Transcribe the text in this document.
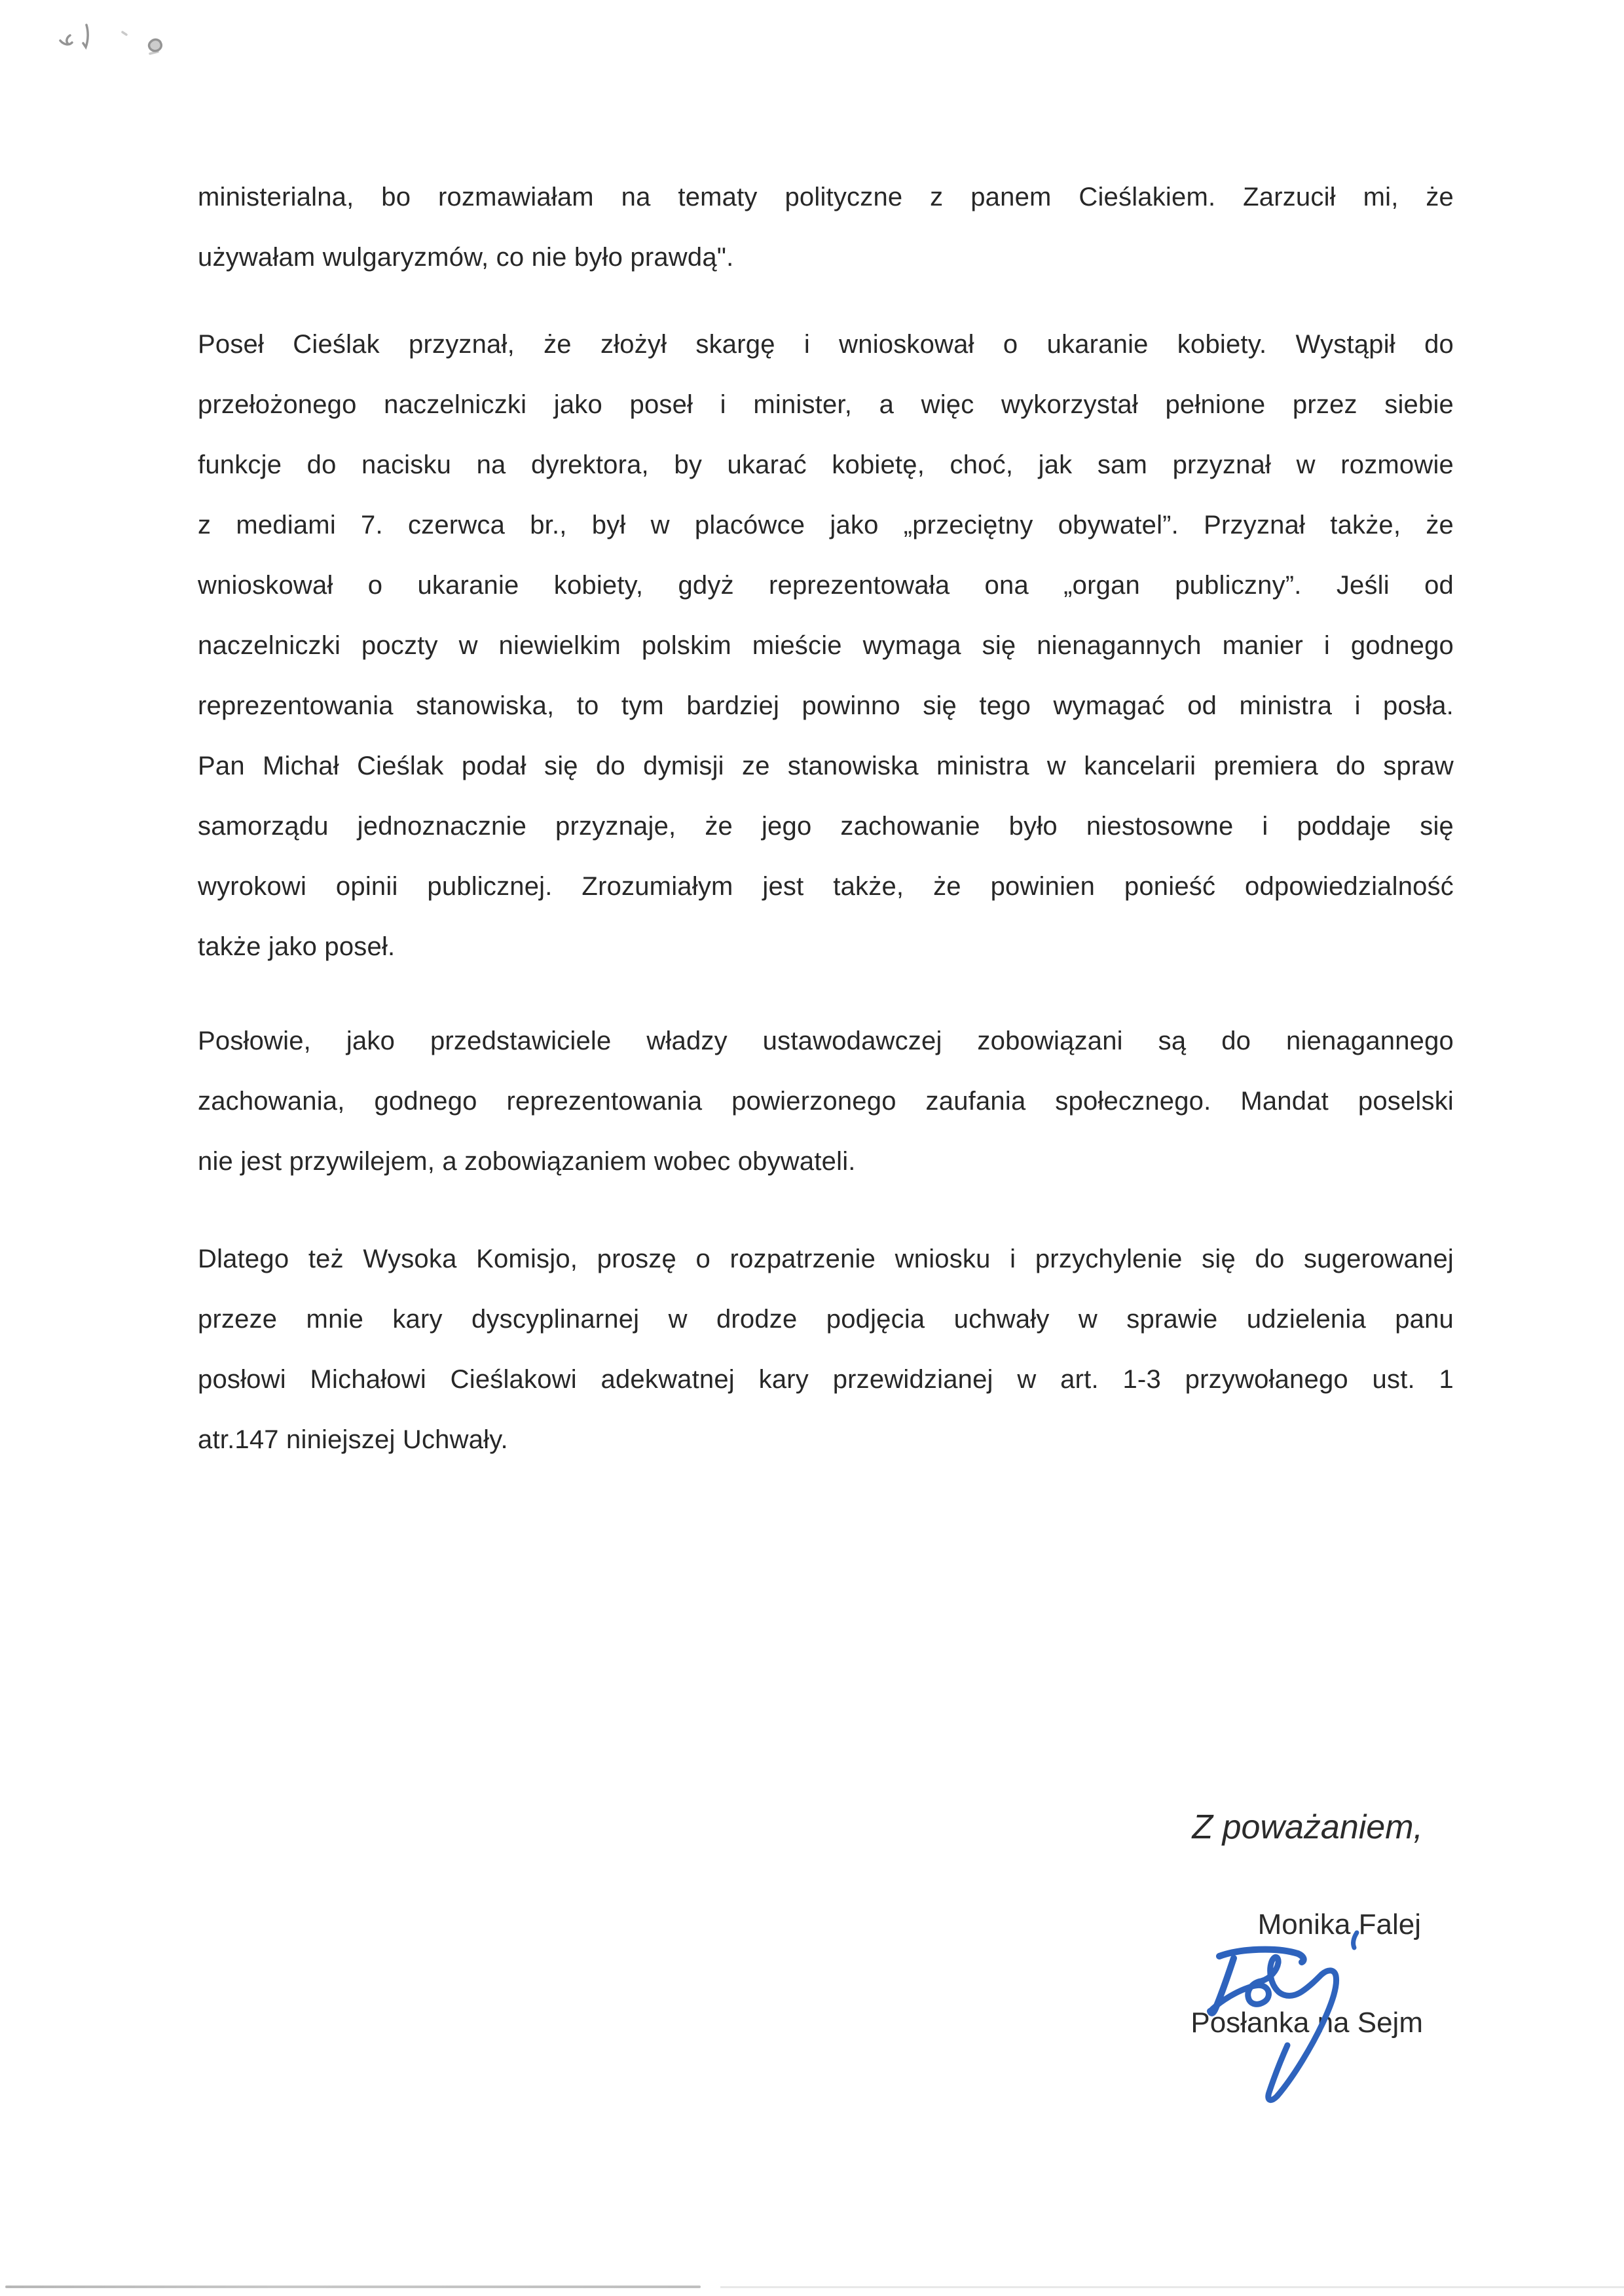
ministerialna, bo rozmawiałam na tematy polityczne z panem Cieślakiem. Zarzucił mi, że
używałam wulgaryzmów, co nie było prawdą".
Poseł Cieślak przyznał, że złożył skargę i wnioskował o ukaranie kobiety. Wystąpił do
przełożonego naczelniczki jako poseł i minister, a więc wykorzystał pełnione przez siebie
funkcje do nacisku na dyrektora, by ukarać kobietę, choć, jak sam przyznał w rozmowie
z mediami 7. czerwca br., był w placówce jako „przeciętny obywatel”. Przyznał także, że
wnioskował o ukaranie kobiety, gdyż reprezentowała ona „organ publiczny”. Jeśli od
naczelniczki poczty w niewielkim polskim mieście wymaga się nienagannych manier i godnego
reprezentowania stanowiska, to tym bardziej powinno się tego wymagać od ministra i posła.
Pan Michał Cieślak podał się do dymisji ze stanowiska ministra w kancelarii premiera do spraw
samorządu jednoznacznie przyznaje, że jego zachowanie było niestosowne i poddaje się
wyrokowi opinii publicznej. Zrozumiałym jest także, że powinien ponieść odpowiedzialność
także jako poseł.
Posłowie, jako przedstawiciele władzy ustawodawczej zobowiązani są do nienagannego
zachowania, godnego reprezentowania powierzonego zaufania społecznego. Mandat poselski
nie jest przywilejem, a zobowiązaniem wobec obywateli.
Dlatego też Wysoka Komisjo, proszę o rozpatrzenie wniosku i przychylenie się do sugerowanej
przeze mnie kary dyscyplinarnej w drodze podjęcia uchwały w sprawie udzielenia panu
posłowi Michałowi Cieślakowi adekwatnej kary przewidzianej w art. 1-3 przywołanego ust. 1
atr.147 niniejszej Uchwały.
Z poważaniem,
Monika Falej
Posłanka na Sejm
